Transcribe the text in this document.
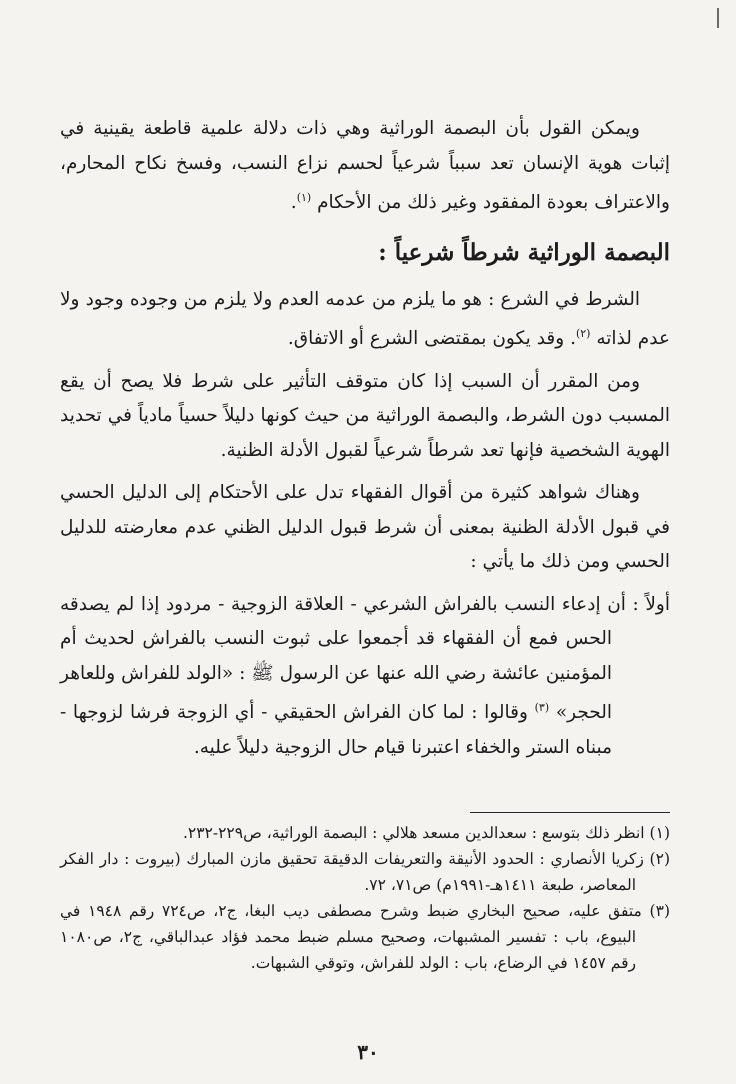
ويمكن القول بأن البصمة الوراثية وهي ذات دلالة علمية قاطعة يقينية في إثبات هوية الإنسان تعد سبباً شرعياً لحسم نزاع النسب، وفسخ نكاح المحارم، والاعتراف بعودة المفقود وغير ذلك من الأحكام $^{(١)}$.

البصمة الوراثية شرطاً شرعياً :

الشرط في الشرع : هو ما يلزم من عدمه العدم ولا يلزم من وجوده وجود ولا عدم لذاته $^{(٢)}$. وقد يكون بمقتضى الشرع أو الاتفاق.

ومن المقرر أن السبب إذا كان متوقف التأثير على شرط فلا يصح أن يقع المسبب دون الشرط، والبصمة الوراثية من حيث كونها دليلاً حسياً مادياً في تحديد الهوية الشخصية فإنها تعد شرطاً شرعياً لقبول الأدلة الظنية.

وهناك شواهد كثيرة من أقوال الفقهاء تدل على الأحتكام إلى الدليل الحسي في قبول الأدلة الظنية بمعنى أن شرط قبول الدليل الظني عدم معارضته للدليل الحسي ومن ذلك ما يأتي :

أولاً : أن إدعاء النسب بالفراش الشرعي - العلاقة الزوجية - مردود إذا لم يصدقه الحس فمع أن الفقهاء قد أجمعوا على ثبوت النسب بالفراش لحديث أم المؤمنين عائشة رضي الله عنها عن الرسول ﷺ : «الولد للفراش وللعاهر الحجر» $^{(٣)}$ وقالوا : لما كان الفراش الحقيقي - أي الزوجة فرشا لزوجها - مبناه الستر والخفاء اعتبرنا قيام حال الزوجية دليلاً عليه.

(١) انظر ذلك بتوسع : سعدالدين مسعد هلالي : البصمة الوراثية، ص٢٢٩-٢٣٢.

(٢) زكريا الأنصاري : الحدود الأنيقة والتعريفات الدقيقة تحقيق مازن المبارك (بيروت : دار الفكر المعاصر، طبعة ١٤١١هـ-١٩٩١م) ص٧١، ٧٢.

(٣) متفق عليه، صحيح البخاري ضبط وشرح مصطفى ديب البغا، ج٢، ص٧٢٤ رقم ١٩٤٨ في البيوع، باب : تفسير المشبهات، وصحيح مسلم ضبط محمد فؤاد عبدالباقي، ج٢، ص١٠٨٠ رقم ١٤٥٧ في الرضاع، باب : الولد للفراش، وتوقي الشبهات.

٣٠
